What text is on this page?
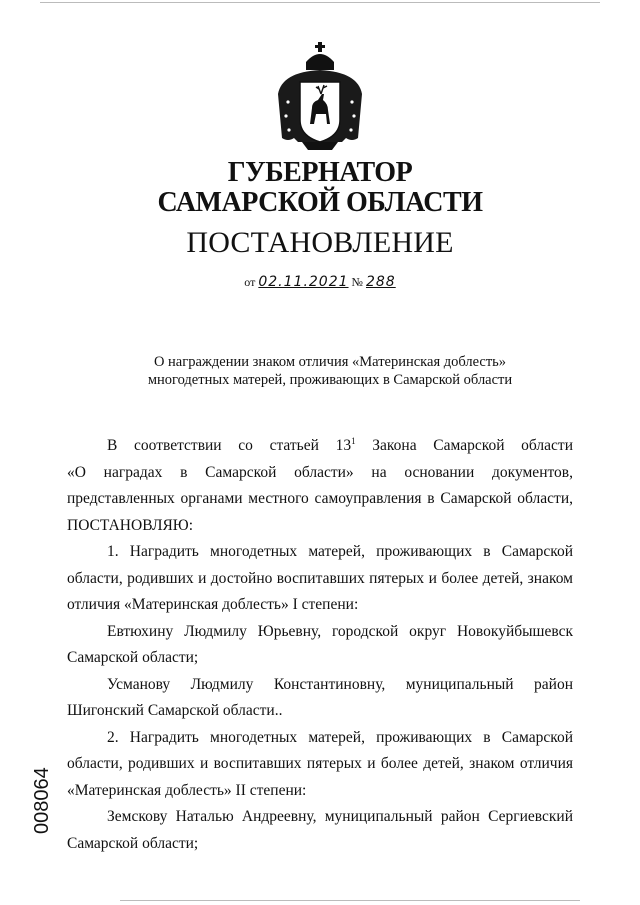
ГУБЕРНАТОР
САМАРСКОЙ ОБЛАСТИ
ПОСТАНОВЛЕНИЕ
от 02.11.2021 № 288
О награждении знаком отличия «Материнская доблесть»
многодетных матерей, проживающих в Самарской области

В соответствии со статьей $13^1$ Закона Самарской области

«О наградах в Самарской области» на основании документов,

представленных органами местного самоуправления в Самарской области,

ПОСТАНОВЛЯЮ:

1. Наградить многодетных матерей, проживающих в Самарской

области, родивших и достойно воспитавших пятерых и более детей, знаком

отличия «Материнская доблесть» I степени:

Евтюхину Людмилу Юрьевну, городской округ Новокуйбышевск

Самарской области;

Усманову Людмилу Константиновну, муниципальный район

Шигонский Самарской области..

2. Наградить многодетных матерей, проживающих в Самарской

области, родивших и воспитавших пятерых и более детей, знаком отличия

«Материнская доблесть» II степени:

Земскову Наталью Андреевну, муниципальный район Сергиевский

Самарской области;

008064
